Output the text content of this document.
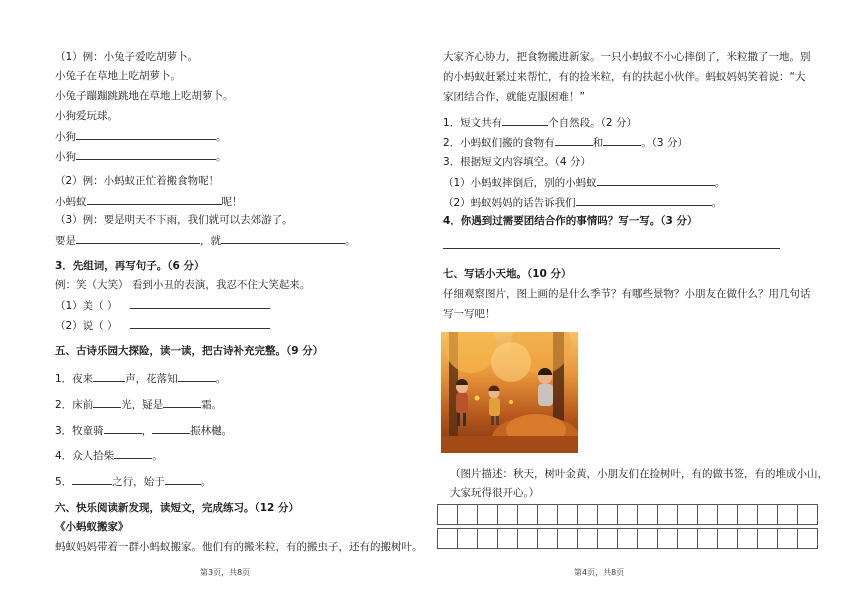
（1）例：小兔子爱吃胡萝卜。
小兔子在草地上吃胡萝卜。
小兔子蹦蹦跳跳地在草地上吃胡萝卜。
小狗爱玩球。
小狗	。
小狗	。
（2）例：小蚂蚁正忙着搬食物呢！
小蚂蚁	呢！
（3）例：要是明天不下雨，我们就可以去郊游了。
要是	，就	。
3．先组词，再写句子。（6 分）
例：笑（大笑） 看到小丑的表演，我忍不住大笑起来。
（1）美（ ）
（2）说（ ）
五、古诗乐园大探险，读一读，把古诗补充完整。（9 分）
1．夜来	声，花落知	。
2．床前	光，疑是	霜。
3．牧童骑	，	振林樾。
4．众人拾柴	。
5．	之行，始于	。
六、快乐阅读新发现，读短文，完成练习。（12 分）
《小蚂蚁搬家》
蚂蚁妈妈带着一群小蚂蚁搬家。他们有的搬米粒，有的搬虫子，还有的搬树叶。
第3页，共8页
大家齐心协力，把食物搬进新家。一只小蚂蚁不小心摔倒了，米粒撒了一地。别
的小蚂蚁赶紧过来帮忙，有的捡米粒，有的扶起小伙伴。蚂蚁妈妈笑着说：“大
家团结合作，就能克服困难！”
1．短文共有	个自然段。（2 分）
2．小蚂蚁们搬的食物有	和	。（3 分）
3．根据短文内容填空。（4 分）
（1）小蚂蚁摔倒后，别的小蚂蚁	。
（2）蚂蚁妈妈的话告诉我们	。
4．你遇到过需要团结合作的事情吗？写一写。（3 分）
七、写话小天地。（10 分）
仔细观察图片，图上画的是什么季节？有哪些景物？小朋友在做什么？用几句话
写一写吧！
（图片描述：秋天，树叶金黄，小朋友们在捡树叶，有的做书签，有的堆成小山，
大家玩得很开心。）

第4页，共8页
